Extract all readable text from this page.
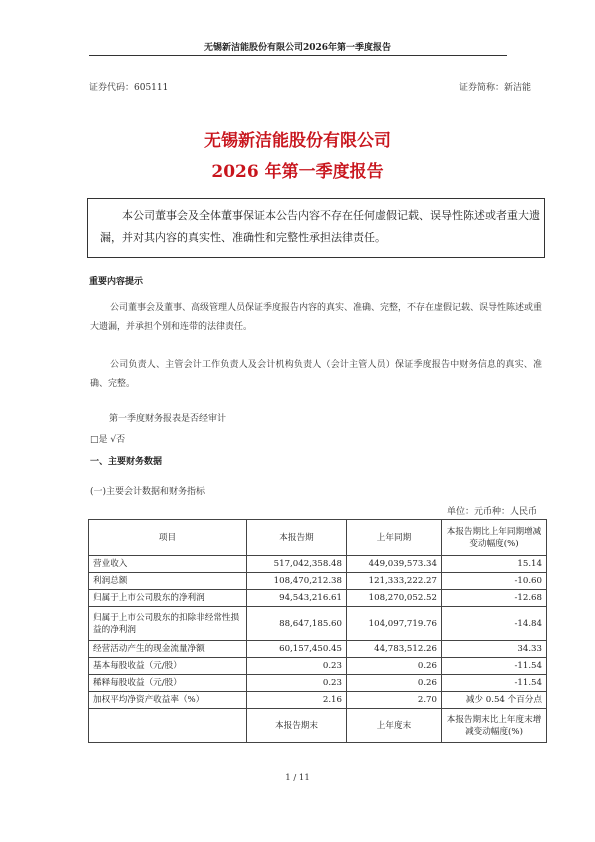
无锡新洁能股份有限公司2026年第一季度报告
证券代码：605111	证券简称：新洁能
无锡新洁能股份有限公司
2026 年第一季度报告
本公司董事会及全体董事保证本公告内容不存在任何虚假记载、误导性陈述或者重大遗漏，并对其内容的真实性、准确性和完整性承担法律责任。
重要内容提示
公司董事会及董事、高级管理人员保证季度报告内容的真实、准确、完整，不存在虚假记载、误导性陈述或重大遗漏，并承担个别和连带的法律责任。
公司负责人、主管会计工作负责人及会计机构负责人（会计主管人员）保证季度报告中财务信息的真实、准确、完整。
第一季度财务报表是否经审计
□是 √否
一、主要财务数据
(一)主要会计数据和财务指标
单位：元币种：人民币
项目	本报告期	上年同期	本报告期比上年同期增减变动幅度(%)
营业收入	517,042,358.48	449,039,573.34	15.14
利润总额	108,470,212.38	121,333,222.27	-10.60
归属于上市公司股东的净利润	94,543,216.61	108,270,052.52	-12.68
归属于上市公司股东的扣除非经常性损益的净利润	88,647,185.60	104,097,719.76	-14.84
经营活动产生的现金流量净额	60,157,450.45	44,783,512.26	34.33
基本每股收益（元/股）	0.23	0.26	-11.54
稀释每股收益（元/股）	0.23	0.26	-11.54
加权平均净资产收益率（%）	2.16	2.70	减少 0.54 个百分点
	本报告期末	上年度末	本报告期末比上年度末增减变动幅度(%)
1 / 11
